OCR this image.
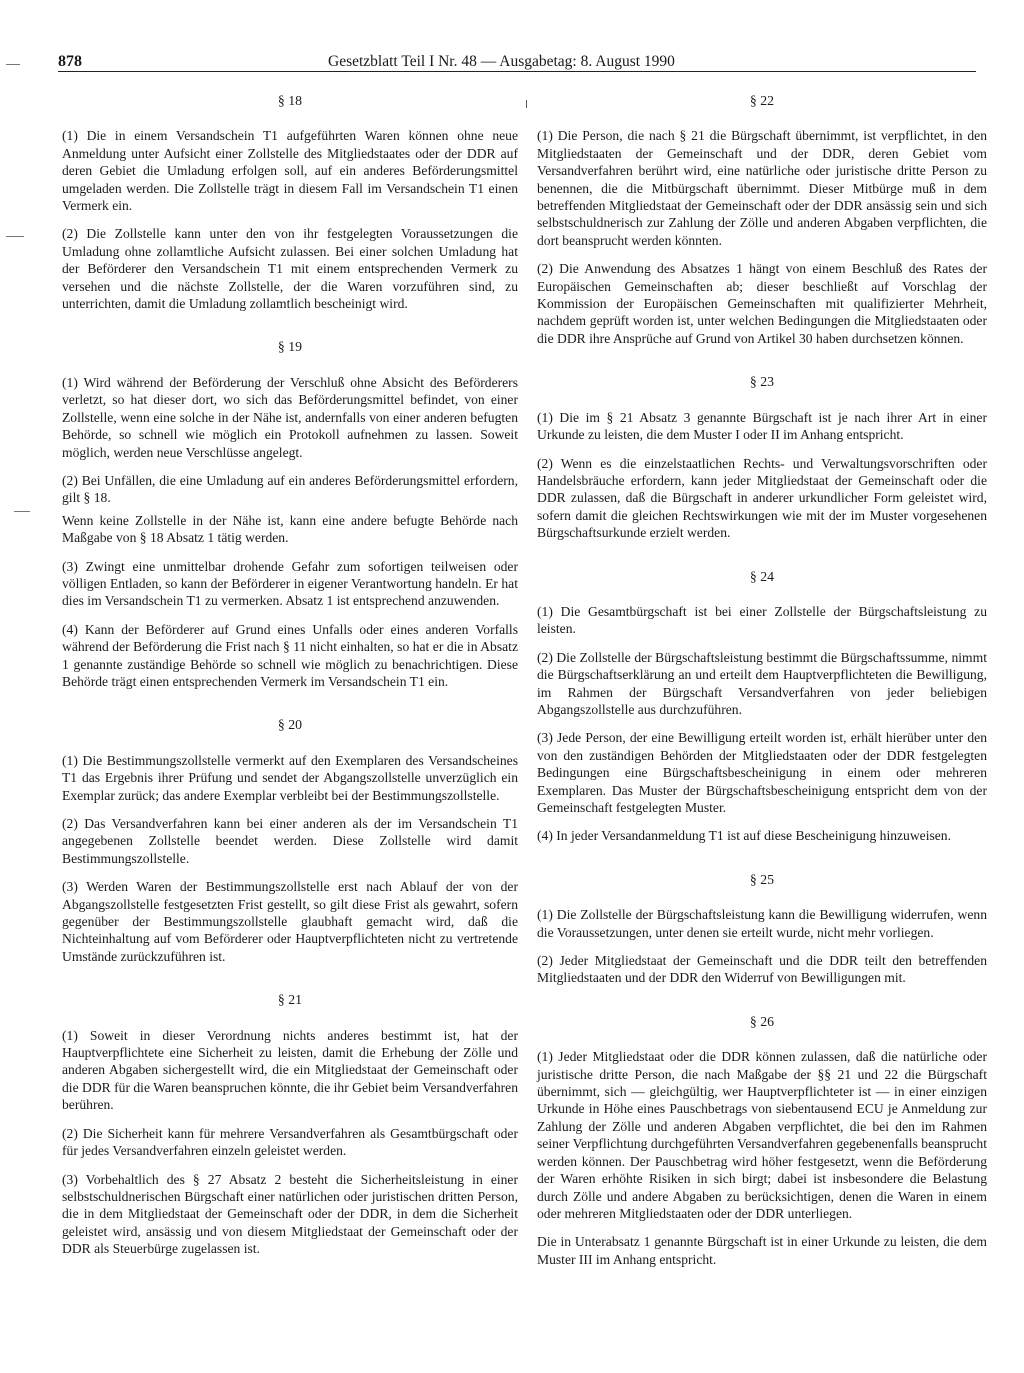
878	Gesetzblatt Teil I Nr. 48 — Ausgabetag: 8. August 1990
§ 18

(1) Die in einem Versandschein T1 aufgeführten Waren können ohne neue Anmeldung unter Aufsicht einer Zollstelle des Mitgliedstaates oder der DDR auf deren Gebiet die Umladung erfolgen soll, auf ein anderes Beförderungsmittel umgeladen werden. Die Zollstelle trägt in diesem Fall im Versandschein T1 einen Vermerk ein.

(2) Die Zollstelle kann unter den von ihr festgelegten Voraussetzungen die Umladung ohne zollamtliche Aufsicht zulassen. Bei einer solchen Umladung hat der Beförderer den Versandschein T1 mit einem entsprechenden Vermerk zu versehen und die nächste Zollstelle, der die Waren vorzuführen sind, zu unterrichten, damit die Umladung zollamtlich bescheinigt wird.

§ 19

(1) Wird während der Beförderung der Verschluß ohne Absicht des Beförderers verletzt, so hat dieser dort, wo sich das Beförderungsmittel befindet, von einer Zollstelle, wenn eine solche in der Nähe ist, andernfalls von einer anderen befugten Behörde, so schnell wie möglich ein Protokoll aufnehmen zu lassen. Soweit möglich, werden neue Verschlüsse angelegt.

(2) Bei Unfällen, die eine Umladung auf ein anderes Beförderungsmittel erfordern, gilt § 18.

Wenn keine Zollstelle in der Nähe ist, kann eine andere befugte Behörde nach Maßgabe von § 18 Absatz 1 tätig werden.

(3) Zwingt eine unmittelbar drohende Gefahr zum sofortigen teilweisen oder völligen Entladen, so kann der Beförderer in eigener Verantwortung handeln. Er hat dies im Versandschein T1 zu vermerken. Absatz 1 ist entsprechend anzuwenden.

(4) Kann der Beförderer auf Grund eines Unfalls oder eines anderen Vorfalls während der Beförderung die Frist nach § 11 nicht einhalten, so hat er die in Absatz 1 genannte zuständige Behörde so schnell wie möglich zu benachrichtigen. Diese Behörde trägt einen entsprechenden Vermerk im Versandschein T1 ein.

§ 20

(1) Die Bestimmungszollstelle vermerkt auf den Exemplaren des Versandscheines T1 das Ergebnis ihrer Prüfung und sendet der Abgangszollstelle unverzüglich ein Exemplar zurück; das andere Exemplar verbleibt bei der Bestimmungszollstelle.

(2) Das Versandverfahren kann bei einer anderen als der im Versandschein T1 angegebenen Zollstelle beendet werden. Diese Zollstelle wird damit Bestimmungszollstelle.

(3) Werden Waren der Bestimmungszollstelle erst nach Ablauf der von der Abgangszollstelle festgesetzten Frist gestellt, so gilt diese Frist als gewahrt, sofern gegenüber der Bestimmungszollstelle glaubhaft gemacht wird, daß die Nichteinhaltung auf vom Beförderer oder Hauptverpflichteten nicht zu vertretende Umstände zurückzuführen ist.

§ 21

(1) Soweit in dieser Verordnung nichts anderes bestimmt ist, hat der Hauptverpflichtete eine Sicherheit zu leisten, damit die Erhebung der Zölle und anderen Abgaben sichergestellt wird, die ein Mitgliedstaat der Gemeinschaft oder die DDR für die Waren beanspruchen könnte, die ihr Gebiet beim Versandverfahren berühren.

(2) Die Sicherheit kann für mehrere Versandverfahren als Gesamtbürgschaft oder für jedes Versandverfahren einzeln geleistet werden.

(3) Vorbehaltlich des § 27 Absatz 2 besteht die Sicherheitsleistung in einer selbstschuldnerischen Bürgschaft einer natürlichen oder juristischen dritten Person, die in dem Mitgliedstaat der Gemeinschaft oder der DDR, in dem die Sicherheit geleistet wird, ansässig und von diesem Mitgliedstaat der Gemeinschaft oder der DDR als Steuerbürge zugelassen ist.

§ 22

(1) Die Person, die nach § 21 die Bürgschaft übernimmt, ist verpflichtet, in den Mitgliedstaaten der Gemeinschaft und der DDR, deren Gebiet vom Versandverfahren berührt wird, eine natürliche oder juristische dritte Person zu benennen, die die Mitbürgschaft übernimmt. Dieser Mitbürge muß in dem betreffenden Mitgliedstaat der Gemeinschaft oder der DDR ansässig sein und sich selbstschuldnerisch zur Zahlung der Zölle und anderen Abgaben verpflichten, die dort beansprucht werden könnten.

(2) Die Anwendung des Absatzes 1 hängt von einem Beschluß des Rates der Europäischen Gemeinschaften ab; dieser beschließt auf Vorschlag der Kommission der Europäischen Gemeinschaften mit qualifizierter Mehrheit, nachdem geprüft worden ist, unter welchen Bedingungen die Mitgliedstaaten oder die DDR ihre Ansprüche auf Grund von Artikel 30 haben durchsetzen können.

§ 23

(1) Die im § 21 Absatz 3 genannte Bürgschaft ist je nach ihrer Art in einer Urkunde zu leisten, die dem Muster I oder II im Anhang entspricht.

(2) Wenn es die einzelstaatlichen Rechts- und Verwaltungsvorschriften oder Handelsbräuche erfordern, kann jeder Mitgliedstaat der Gemeinschaft oder die DDR zulassen, daß die Bürgschaft in anderer urkundlicher Form geleistet wird, sofern damit die gleichen Rechtswirkungen wie mit der im Muster vorgesehenen Bürgschaftsurkunde erzielt werden.

§ 24

(1) Die Gesamtbürgschaft ist bei einer Zollstelle der Bürgschaftsleistung zu leisten.

(2) Die Zollstelle der Bürgschaftsleistung bestimmt die Bürgschaftssumme, nimmt die Bürgschaftserklärung an und erteilt dem Hauptverpflichteten die Bewilligung, im Rahmen der Bürgschaft Versandverfahren von jeder beliebigen Abgangszollstelle aus durchzuführen.

(3) Jede Person, der eine Bewilligung erteilt worden ist, erhält hierüber unter den von den zuständigen Behörden der Mitgliedstaaten oder der DDR festgelegten Bedingungen eine Bürgschaftsbescheinigung in einem oder mehreren Exemplaren. Das Muster der Bürgschaftsbescheinigung entspricht dem von der Gemeinschaft festgelegten Muster.

(4) In jeder Versandanmeldung T1 ist auf diese Bescheinigung hinzuweisen.

§ 25

(1) Die Zollstelle der Bürgschaftsleistung kann die Bewilligung widerrufen, wenn die Voraussetzungen, unter denen sie erteilt wurde, nicht mehr vorliegen.

(2) Jeder Mitgliedstaat der Gemeinschaft und die DDR teilt den betreffenden Mitgliedstaaten und der DDR den Widerruf von Bewilligungen mit.

§ 26

(1) Jeder Mitgliedstaat oder die DDR können zulassen, daß die natürliche oder juristische dritte Person, die nach Maßgabe der §§ 21 und 22 die Bürgschaft übernimmt, sich — gleichgültig, wer Hauptverpflichteter ist — in einer einzigen Urkunde in Höhe eines Pauschbetrags von siebentausend ECU je Anmeldung zur Zahlung der Zölle und anderen Abgaben verpflichtet, die bei den im Rahmen seiner Verpflichtung durchgeführten Versandverfahren gegebenenfalls beansprucht werden können. Der Pauschbetrag wird höher festgesetzt, wenn die Beförderung der Waren erhöhte Risiken in sich birgt; dabei ist insbesondere die Belastung durch Zölle und andere Abgaben zu berücksichtigen, denen die Waren in einem oder mehreren Mitgliedstaaten oder der DDR unterliegen.

Die in Unterabsatz 1 genannte Bürgschaft ist in einer Urkunde zu leisten, die dem Muster III im Anhang entspricht.
